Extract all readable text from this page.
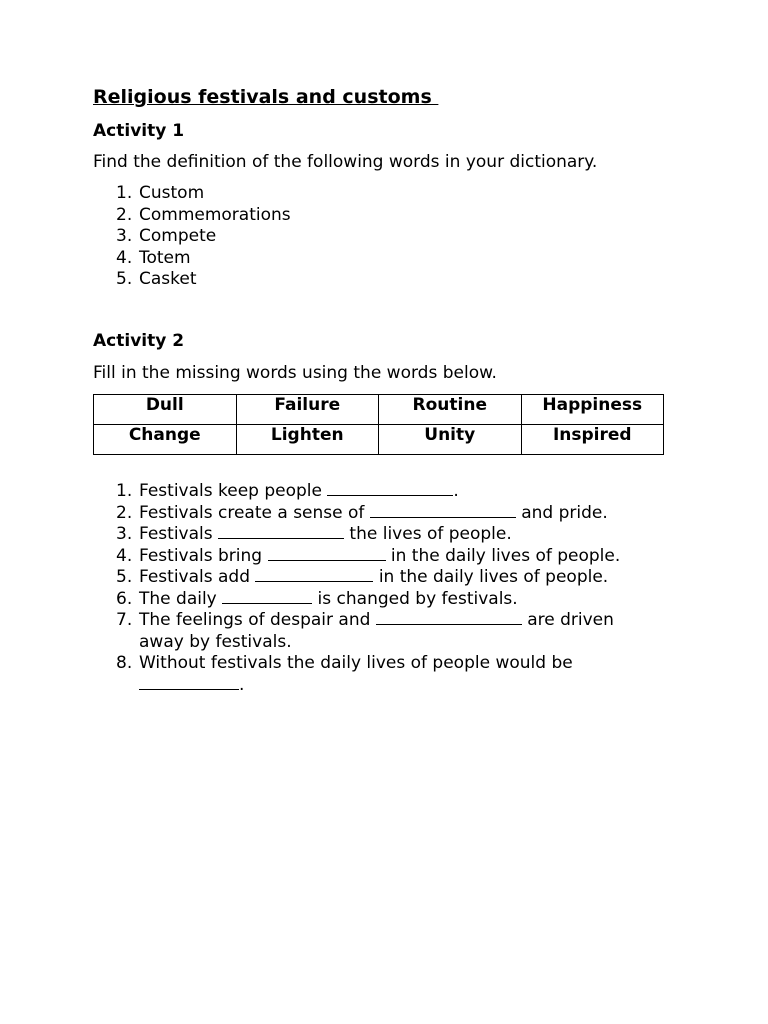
Religious festivals and customs
Activity 1

Find the definition of the following words in your dictionary.

1. Custom
2. Commemorations
3. Compete
4. Totem
5. Casket
Activity 2

Fill in the missing words using the words below.

Dull	Failure	Routine	Happiness
Change	Lighten	Unity	Inspired
1. Festivals keep people	.
2. Festivals create a sense of	and pride.
3. Festivals	the lives of people.
4. Festivals bring	in the daily lives of people.
5. Festivals add	in the daily lives of people.
6. The daily	is changed by festivals.
7. The feelings of despair and	are driven away by festivals.
8. Without festivals the daily lives of people would be .
